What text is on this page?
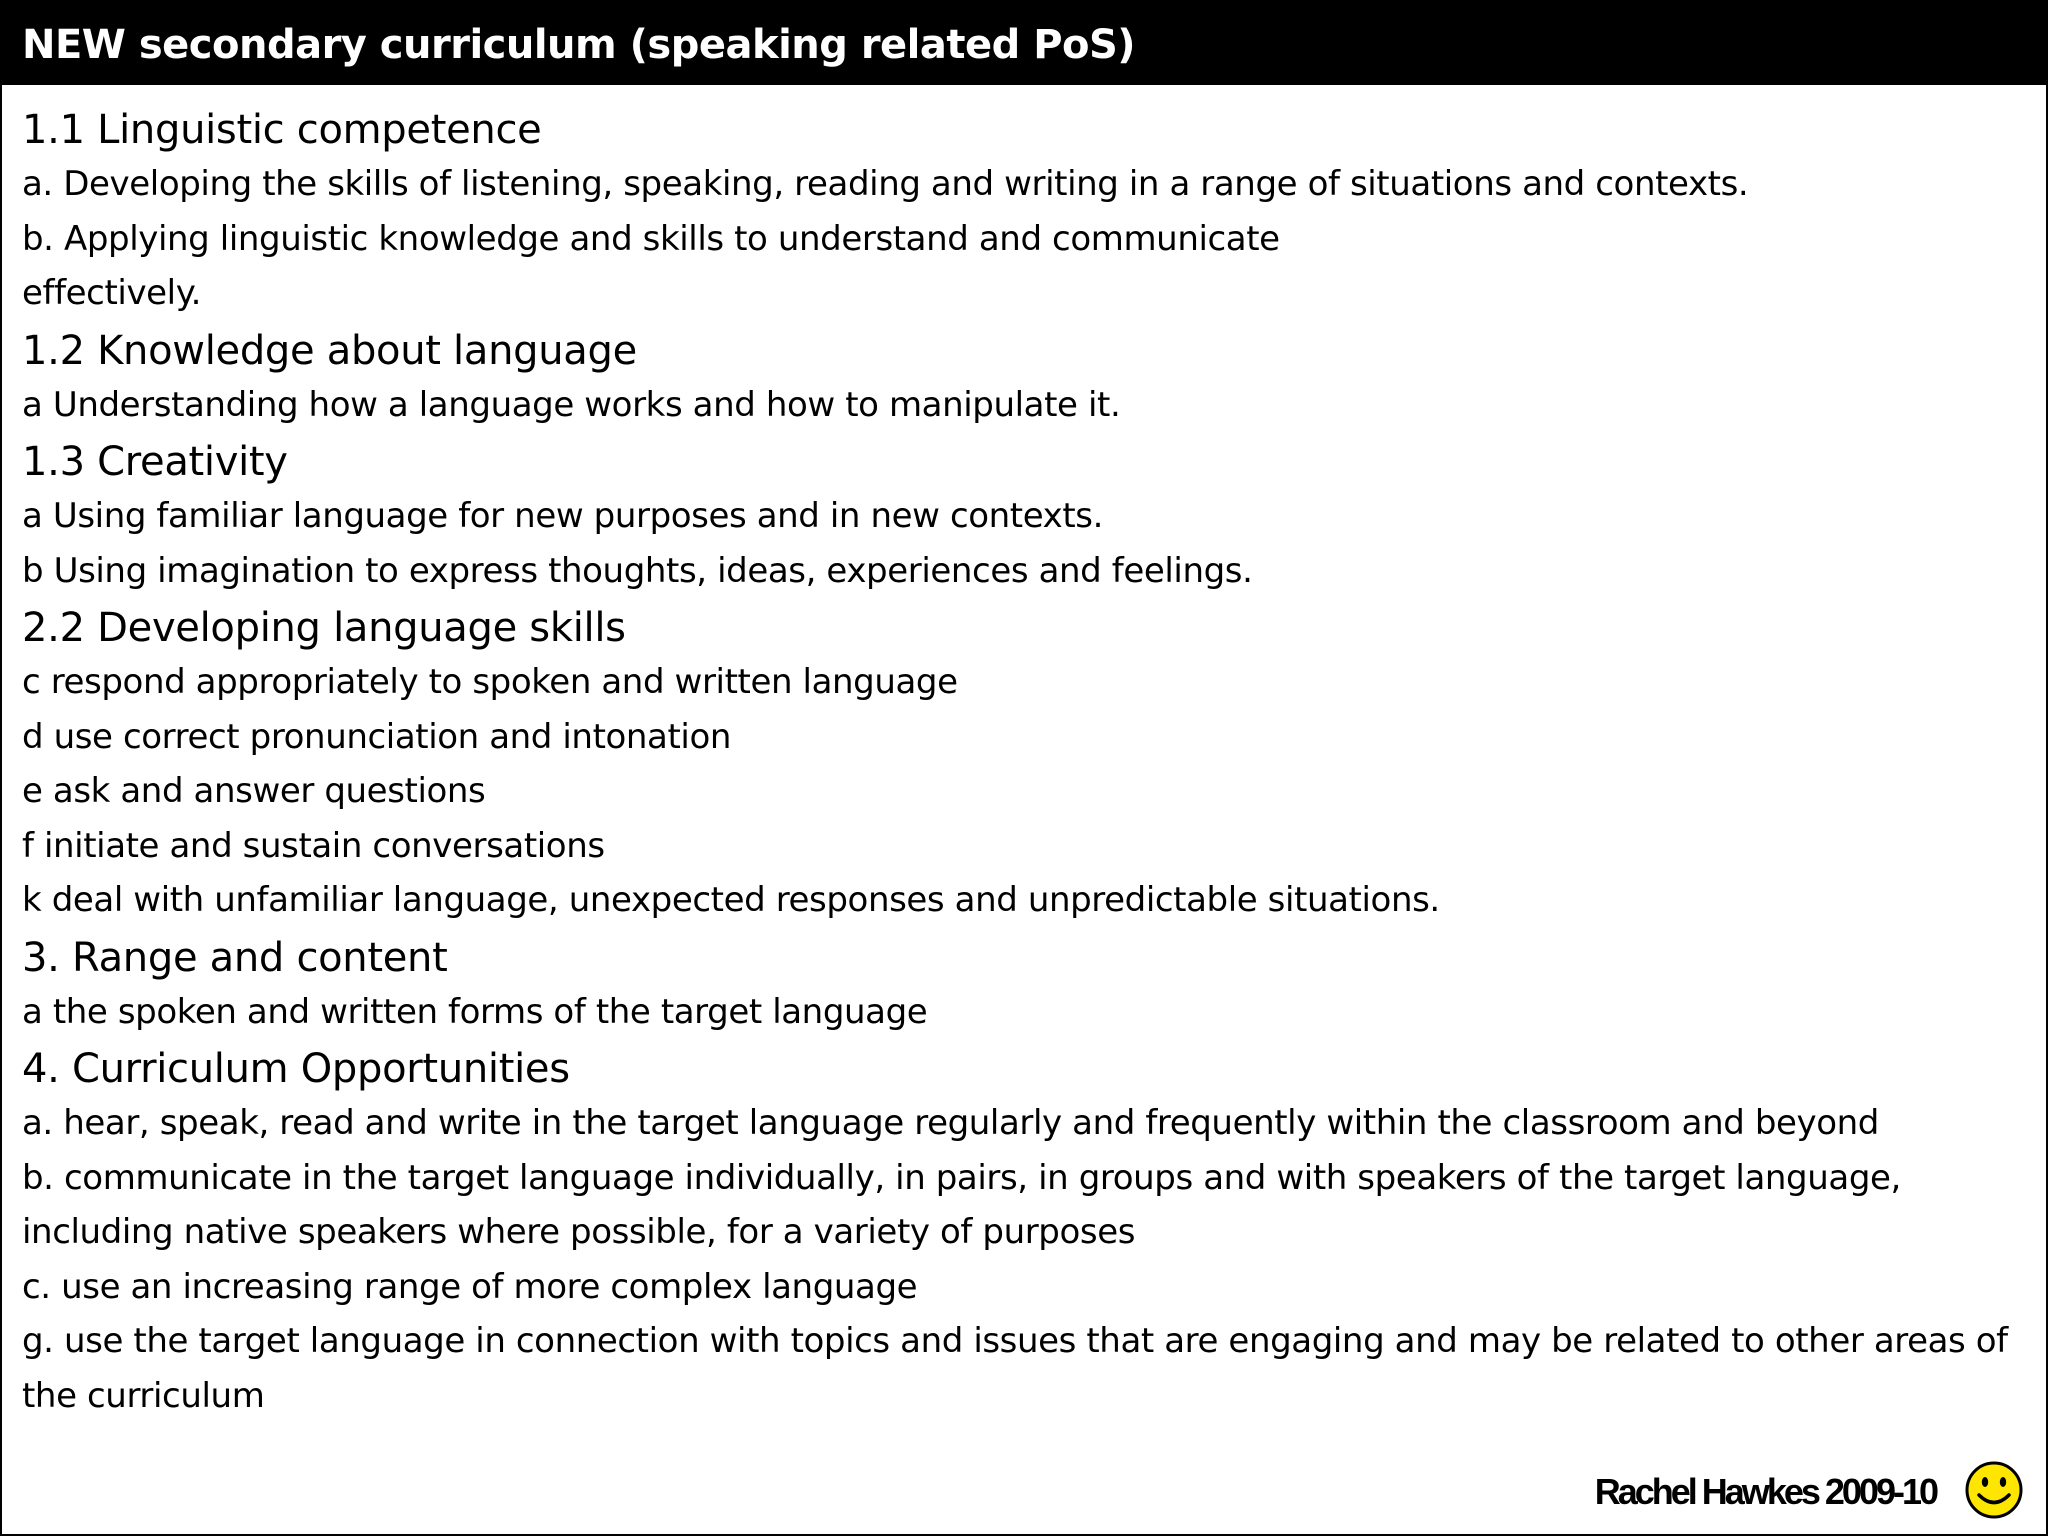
NEW secondary curriculum (speaking related PoS)
1.1 Linguistic competence
a. Developing the skills of listening, speaking, reading and writing in a range of situations and contexts.
b. Applying linguistic knowledge and skills to understand and communicate effectively.
1.2 Knowledge about language
a Understanding how a language works and how to manipulate it.
1.3 Creativity
a Using familiar language for new purposes and in new contexts.
b Using imagination to express thoughts, ideas, experiences and feelings.
2.2 Developing language skills
c respond appropriately to spoken and written language
d use correct pronunciation and intonation
e ask and answer questions
f initiate and sustain conversations
k deal with unfamiliar language, unexpected responses and unpredictable situations.
3. Range and content
a the spoken and written forms of the target language
4. Curriculum Opportunities
a. hear, speak, read and write in the target language regularly and frequently within the classroom and beyond
b. communicate in the target language individually, in pairs, in groups and with speakers of the target language, including native speakers where possible, for a variety of purposes
c. use an increasing range of more complex language
g. use the target language in connection with topics and issues that are engaging and may be related to other areas of the curriculum
Rachel Hawkes 2009-10
